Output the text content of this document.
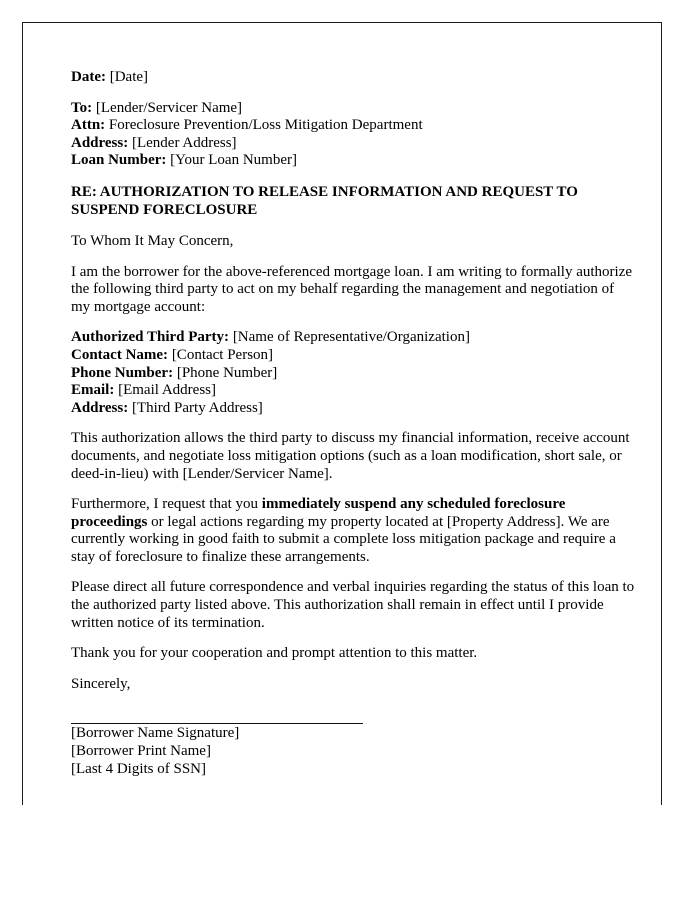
Date: [Date]
To: [Lender/Servicer Name]
Attn: Foreclosure Prevention/Loss Mitigation Department
Address: [Lender Address]
Loan Number: [Your Loan Number]
RE: AUTHORIZATION TO RELEASE INFORMATION AND REQUEST TO SUSPEND FORECLOSURE
To Whom It May Concern,
I am the borrower for the above-referenced mortgage loan. I am writing to formally authorize the following third party to act on my behalf regarding the management and negotiation of my mortgage account:
Authorized Third Party: [Name of Representative/Organization]
Contact Name: [Contact Person]
Phone Number: [Phone Number]
Email: [Email Address]
Address: [Third Party Address]
This authorization allows the third party to discuss my financial information, receive account documents, and negotiate loss mitigation options (such as a loan modification, short sale, or deed-in-lieu) with [Lender/Servicer Name].
Furthermore, I request that you immediately suspend any scheduled foreclosure proceedings or legal actions regarding my property located at [Property Address]. We are currently working in good faith to submit a complete loss mitigation package and require a stay of foreclosure to finalize these arrangements.
Please direct all future correspondence and verbal inquiries regarding the status of this loan to the authorized party listed above. This authorization shall remain in effect until I provide written notice of its termination.
Thank you for your cooperation and prompt attention to this matter.
Sincerely,
[Borrower Name Signature]
[Borrower Print Name]
[Last 4 Digits of SSN]
